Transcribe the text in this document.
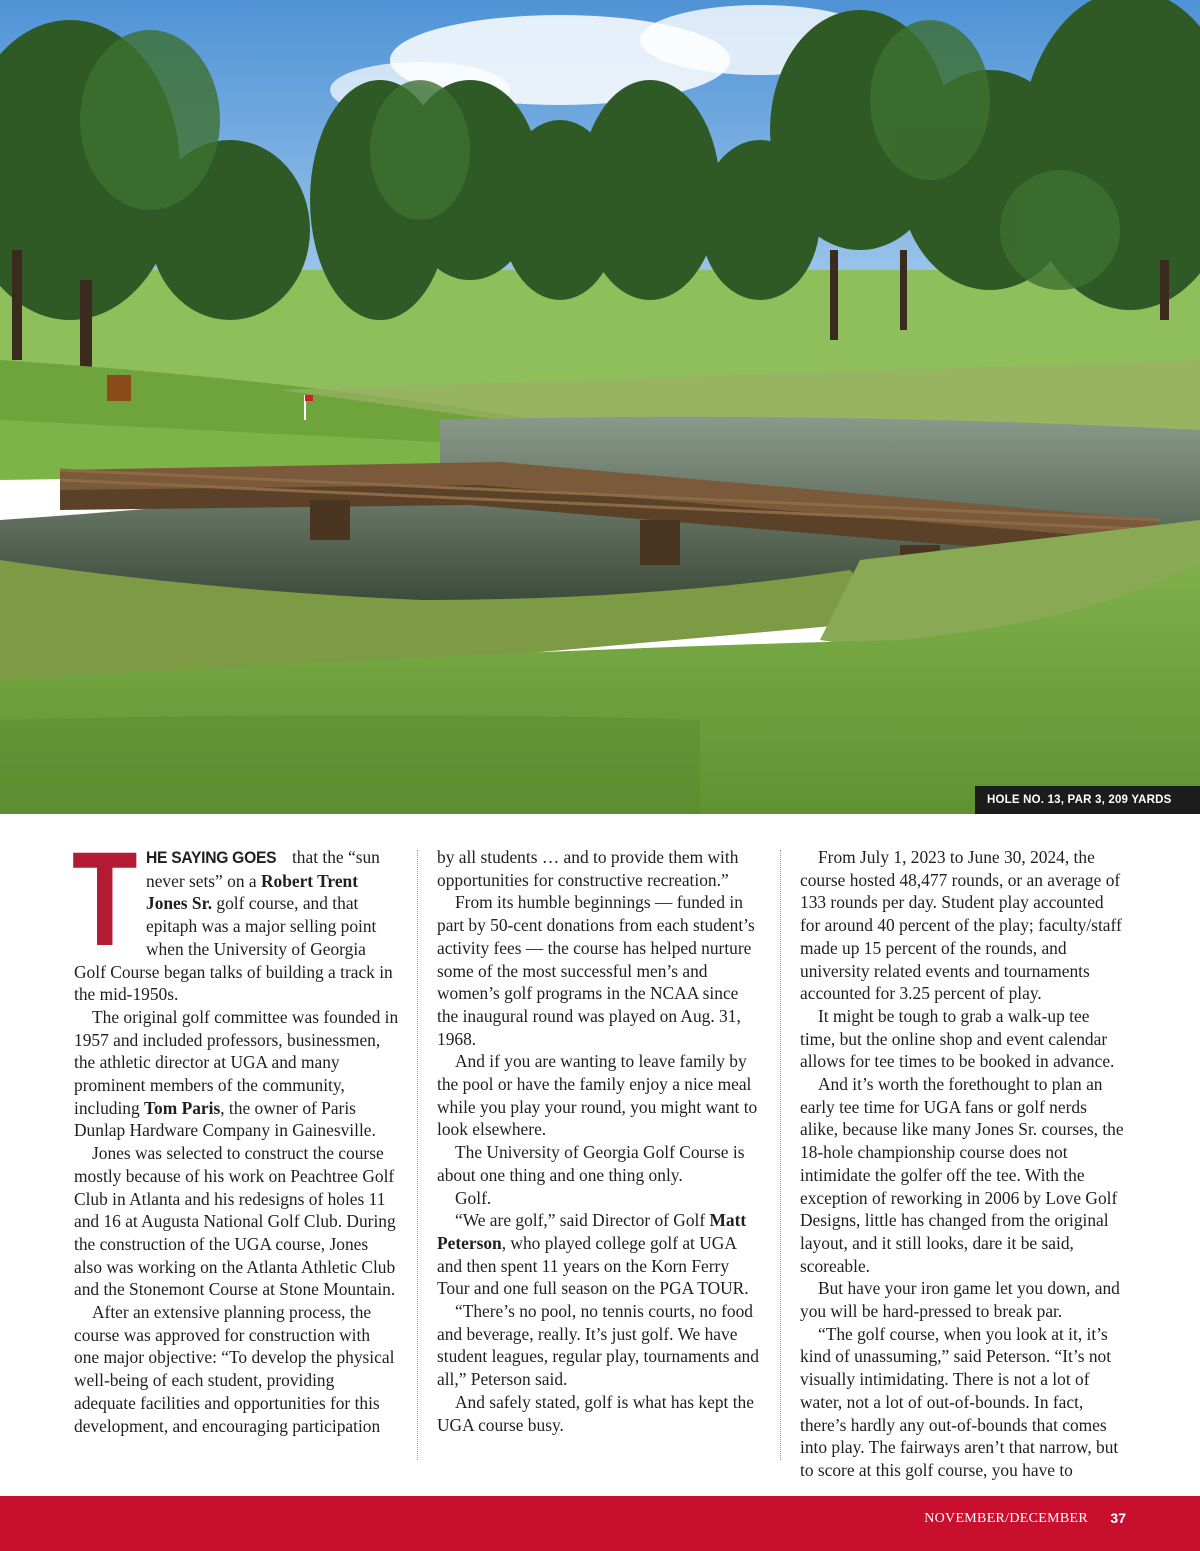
HOLE NO. 13, PAR 3, 209 YARDS

T HE SAYING GOES that the “sun never sets” on a Robert Trent Jones Sr. golf course, and that epitaph was a major selling point when the University of Georgia Golf Course began talks of building a track in the mid-1950s.

The original golf committee was founded in 1957 and included professors, businessmen, the athletic director at UGA and many prominent members of the community, including Tom Paris, the owner of Paris Dunlap Hardware Company in Gainesville.

Jones was selected to construct the course mostly because of his work on Peachtree Golf Club in Atlanta and his redesigns of holes 11 and 16 at Augusta National Golf Club. During the construction of the UGA course, Jones also was working on the Atlanta Athletic Club and the Stonemont Course at Stone Mountain.

After an extensive planning process, the course was approved for construction with one major objective: “To develop the physical well-being of each student, providing adequate facilities and opportunities for this development, and encouraging participation

by all students … and to provide them with opportunities for constructive recreation.”

From its humble beginnings — funded in part by 50-cent donations from each student’s activity fees — the course has helped nurture some of the most successful men’s and women’s golf programs in the NCAA since the inaugural round was played on Aug. 31, 1968.

And if you are wanting to leave family by the pool or have the family enjoy a nice meal while you play your round, you might want to look elsewhere.

The University of Georgia Golf Course is about one thing and one thing only.

Golf.

“We are golf,” said Director of Golf Matt Peterson, who played college golf at UGA and then spent 11 years on the Korn Ferry Tour and one full season on the PGA TOUR.

“There’s no pool, no tennis courts, no food and beverage, really. It’s just golf. We have student leagues, regular play, tournaments and all,” Peterson said.

And safely stated, golf is what has kept the UGA course busy.

From July 1, 2023 to June 30, 2024, the course hosted 48,477 rounds, or an average of 133 rounds per day. Student play accounted for around 40 percent of the play; faculty/staff made up 15 percent of the rounds, and university related events and tournaments accounted for 3.25 percent of play.

It might be tough to grab a walk-up tee time, but the online shop and event calendar allows for tee times to be booked in advance.

And it’s worth the forethought to plan an early tee time for UGA fans or golf nerds alike, because like many Jones Sr. courses, the 18-hole championship course does not intimidate the golfer off the tee. With the exception of reworking in 2006 by Love Golf Designs, little has changed from the original layout, and it still looks, dare it be said, scoreable.

But have your iron game let you down, and you will be hard-pressed to break par.

“The golf course, when you look at it, it’s kind of unassuming,” said Peterson. “It’s not visually intimidating. There is not a lot of water, not a lot of out-of-bounds. In fact, there’s hardly any out-of-bounds that comes into play. The fairways aren’t that narrow, but to score at this golf course, you have to

NOVEMBER/DECEMBER 37
